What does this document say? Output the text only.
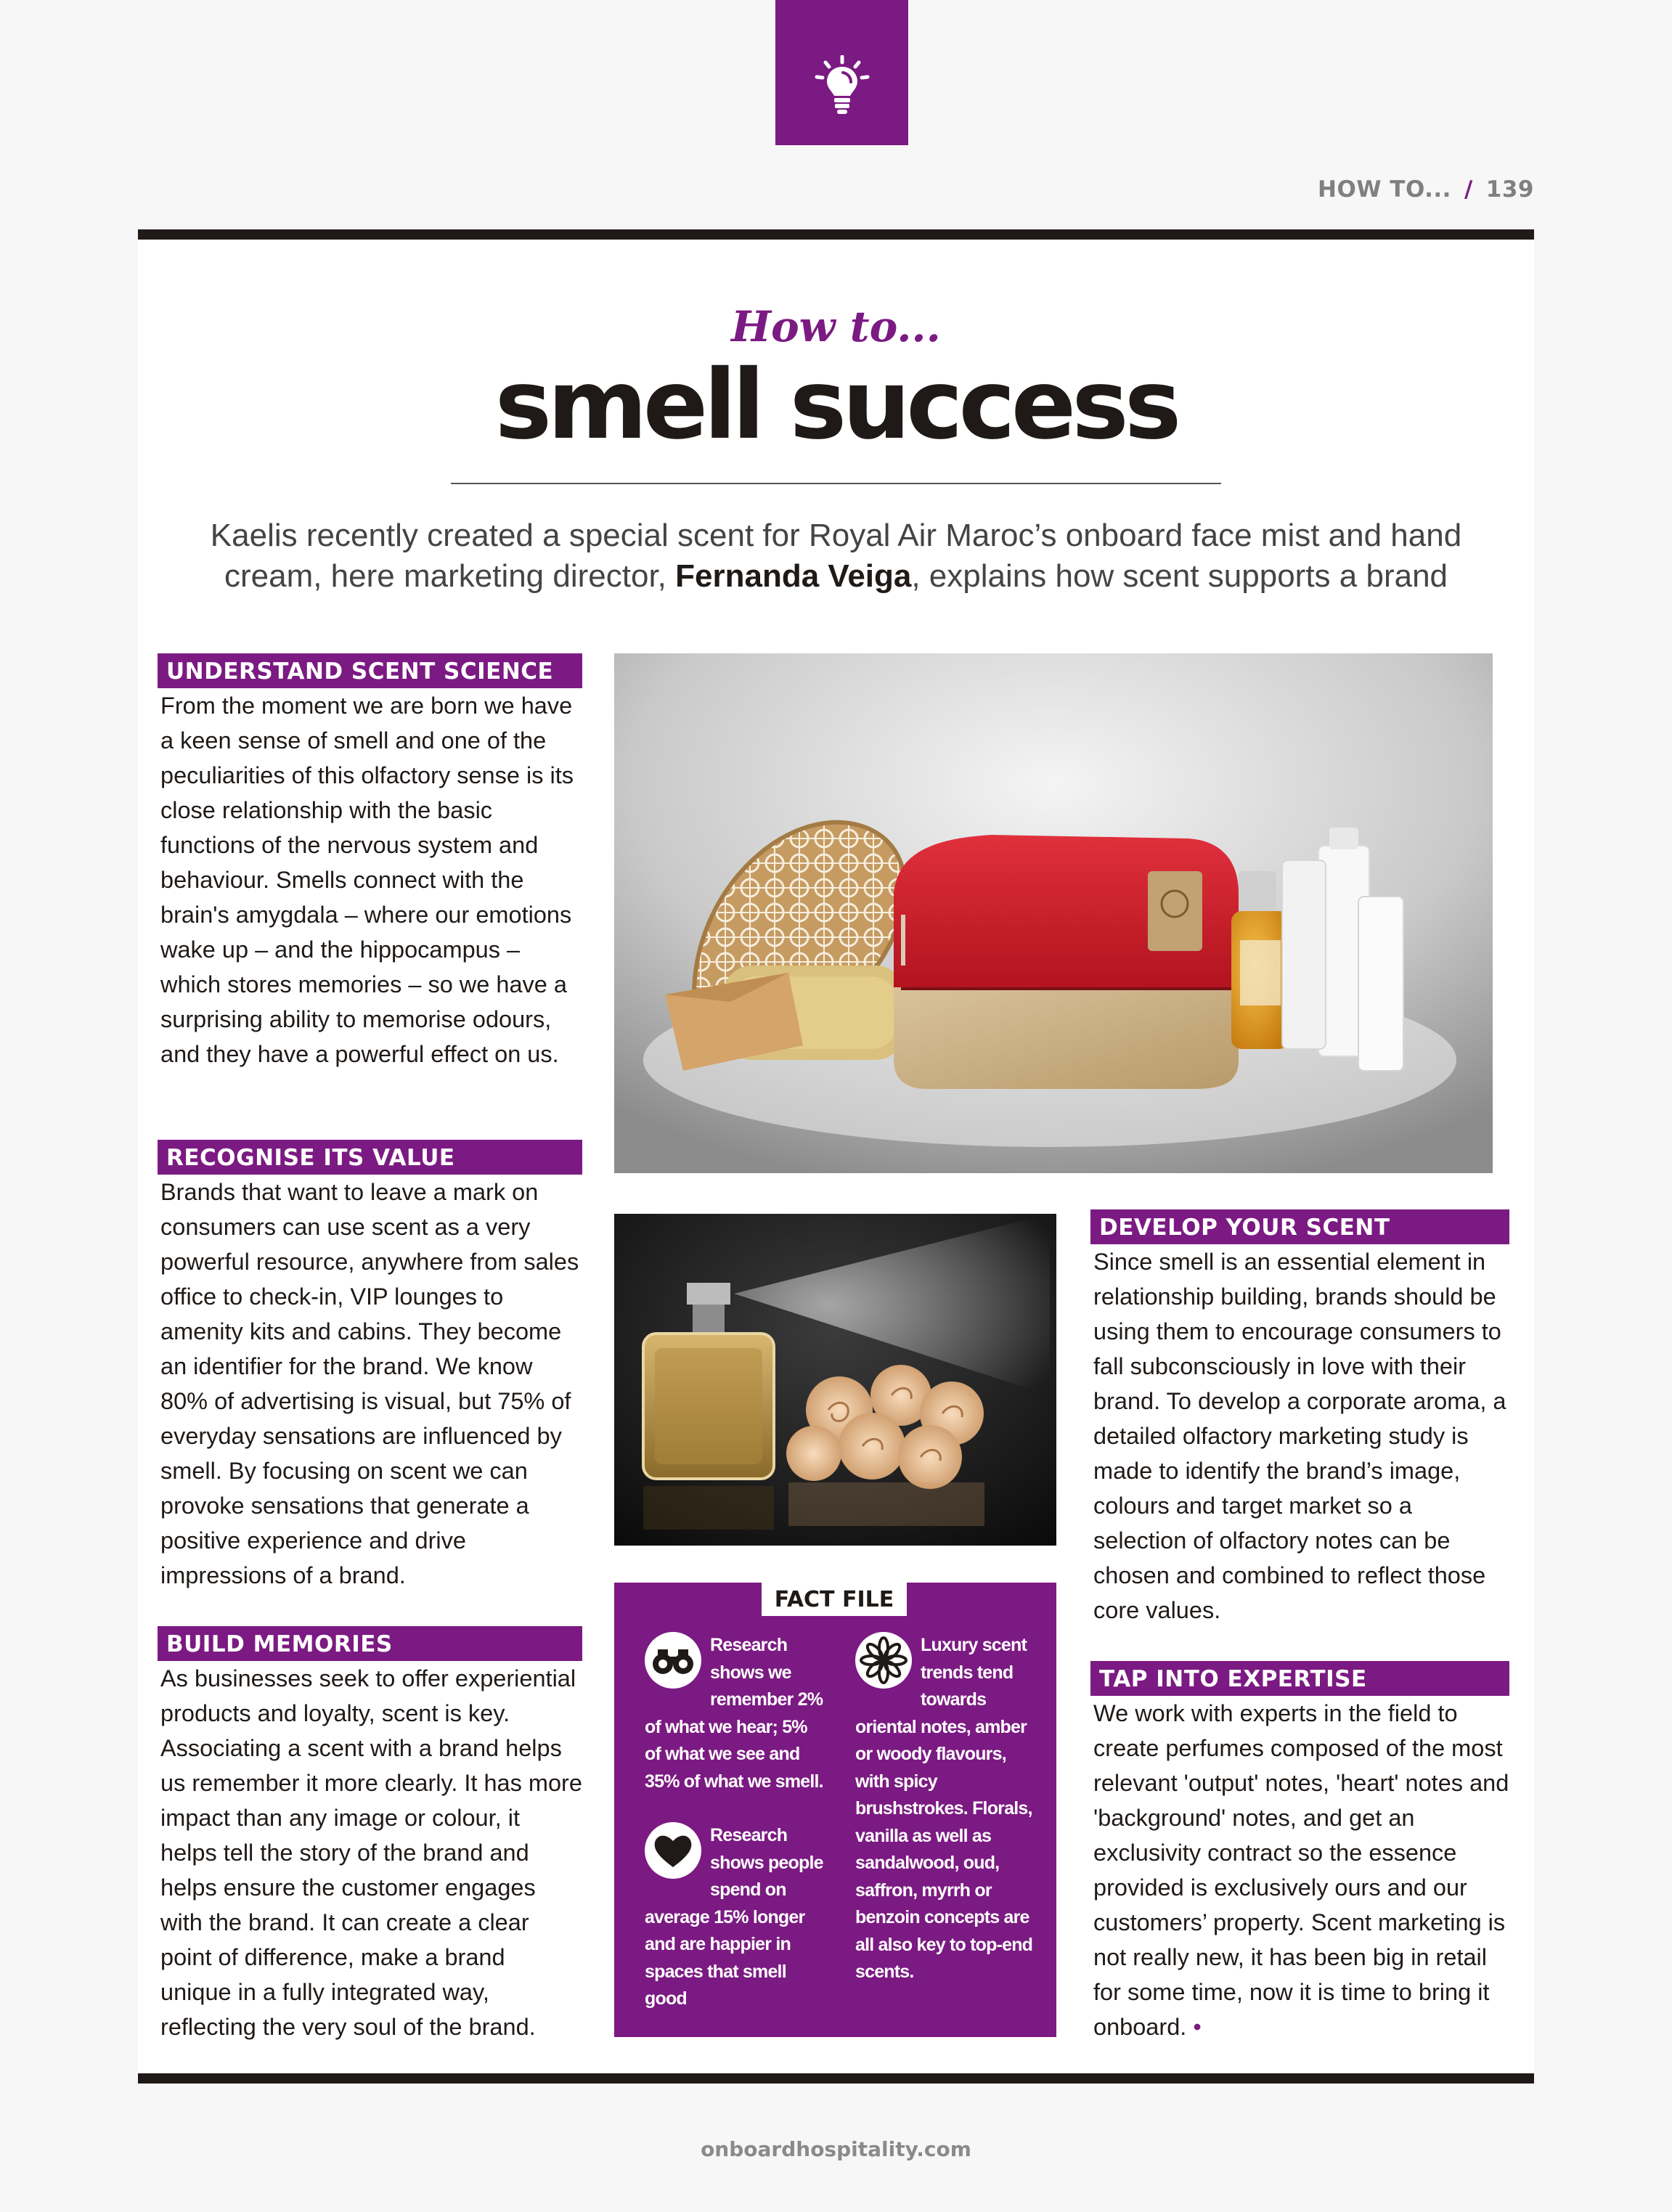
HOW TO... / 139
How to...
smell success
Kaelis recently created a special scent for Royal Air Maroc’s onboard face mist and hand cream, here marketing director, Fernanda Veiga, explains how scent supports a brand
UNDERSTAND SCENT SCIENCE

From the moment we are born we have a keen sense of smell and one of the peculiarities of this olfactory sense is its close relationship with the basic functions of the nervous system and behaviour. Smells connect with the brain's amygdala – where our emotions wake up – and the hippocampus – which stores memories – so we have a surprising ability to memorise odours, and they have a powerful effect on us.

RECOGNISE ITS VALUE

Brands that want to leave a mark on consumers can use scent as a very powerful resource, anywhere from sales office to check-in, VIP lounges to amenity kits and cabins. They become an identifier for the brand. We know 80% of advertising is visual, but 75% of everyday sensations are influenced by smell. By focusing on scent we can provoke sensations that generate a positive experience and drive impressions of a brand.

BUILD MEMORIES

As businesses seek to offer experiential products and loyalty, scent is key. Associating a scent with a brand helps us remember it more clearly. It has more impact than any image or colour, it helps tell the story of the brand and helps ensure the customer engages with the brand. It can create a clear point of difference, make a brand unique in a fully integrated way, reflecting the very soul of the brand.

FACT FILE
Research shows we remember 2% of what we hear; 5% of what we see and 35% of what we smell.
Research shows people spend on average 15% longer and are happier in spaces that smell good
Luxury scent trends tend towards oriental notes, amber or woody flavours, with spicy brushstrokes. Florals, vanilla as well as sandalwood, oud, saffron, myrrh or benzoin concepts are all also key to top-end scents.
DEVELOP YOUR SCENT

Since smell is an essential element in relationship building, brands should be using them to encourage consumers to fall subconsciously in love with their brand. To develop a corporate aroma, a detailed olfactory marketing study is made to identify the brand’s image, colours and target market so a selection of olfactory notes can be chosen and combined to reflect those core values.

TAP INTO EXPERTISE

We work with experts in the field to create perfumes composed of the most relevant 'output' notes, 'heart' notes and 'background' notes, and get an exclusivity contract so the essence provided is exclusively ours and our customers’ property. Scent marketing is not really new, it has been big in retail for some time, now it is time to bring it onboard. •

onboardhospitality.com
